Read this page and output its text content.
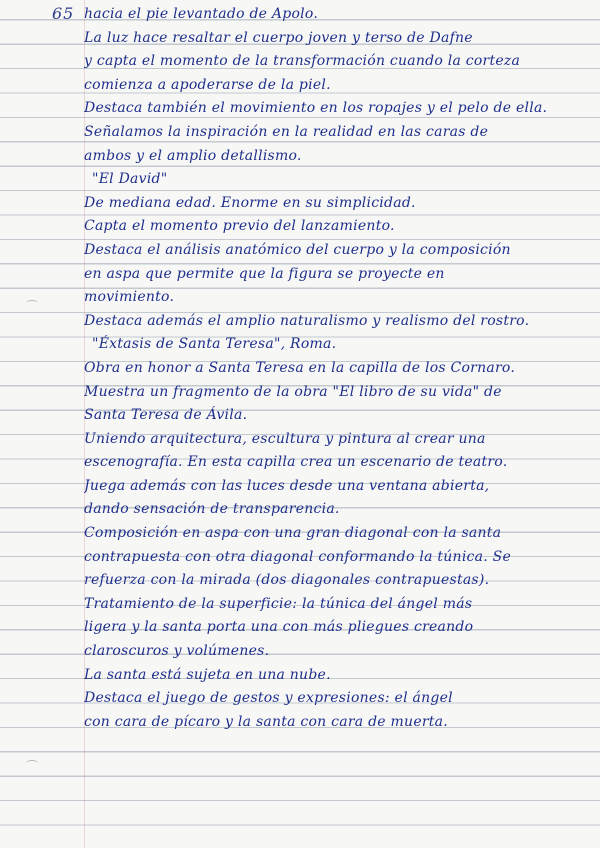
65 hacia el pie levantado de Apolo.
La luz hace resaltar el cuerpo joven y terso de Dafne
y capta el momento de la transformación cuando la corteza
comienza a apoderarse de la piel.
Destaca también el movimiento en los ropajes y el pelo de ella.
Señalamos la inspiración en la realidad en las caras de
ambos y el amplio detallismo.
"El David"
De mediana edad. Enorme en su simplicidad.
Capta el momento previo del lanzamiento.
Destaca el análisis anatómico del cuerpo y la composición
en aspa que permite que la figura se proyecte en
movimiento.
Destaca además el amplio naturalismo y realismo del rostro.
"Éxtasis de Santa Teresa", Roma.
Obra en honor a Santa Teresa en la capilla de los Cornaro.
Muestra un fragmento de la obra "El libro de su vida" de
Santa Teresa de Ávila.
Uniendo arquitectura, escultura y pintura al crear una
escenografía. En esta capilla crea un escenario de teatro.
Juega además con las luces desde una ventana abierta,
dando sensación de transparencia.
Composición en aspa con una gran diagonal con la santa
contrapuesta con otra diagonal conformando la túnica. Se
refuerza con la mirada (dos diagonales contrapuestas).
Tratamiento de la superficie: la túnica del ángel más
ligera y la santa porta una con más pliegues creando
claroscuros y volúmenes.
La santa está sujeta en una nube.
Destaca el juego de gestos y expresiones: el ángel
con cara de pícaro y la santa con cara de muerta.
